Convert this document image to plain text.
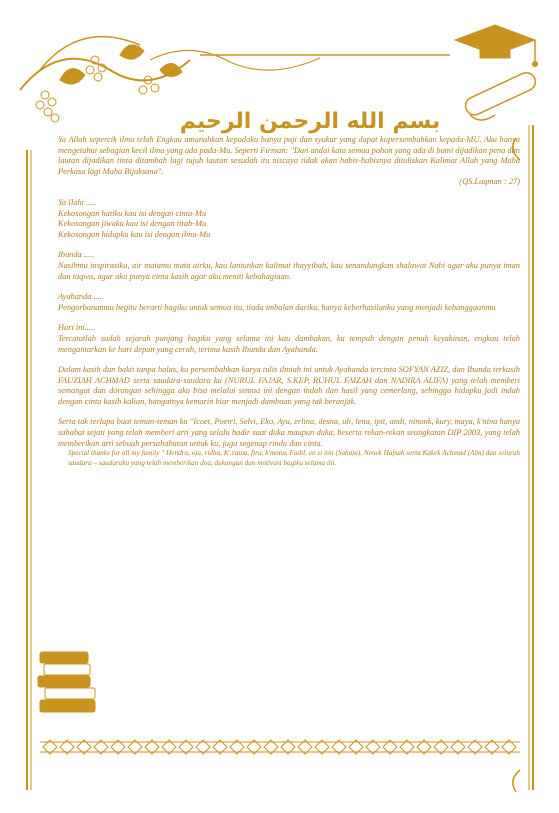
بسم الله الرحمن الرحيم

Ya Allah sepercik ilmu telah Engkau amanahkan kepadaku hanya puji dan syukur yang dapat kupersembahkan kepada-MU. Aku hanya mengetahui sebagian kecil ilmu yang ada pada-Mu. Seperti Firman: "Dan andai kata semua pohon yang ada di bumi dijadikan pena dan lautan dijadikan tinta ditambah lagi tujuh lautan sesudah itu niscaya tidak akan habis-habisnya dituliskan Kalimat Allah yang Maha Perkasa lagi Maha Bijaksana".

(QS.Luqman : 27)

Ya Ilahi .....

Kekosongan hatiku kau isi dengan cinta-Mu

Kekosongan jiwaku kau isi dengan titah-Mu

Kekosongan hidupku kau isi dengan ilmu-Mu

Ibunda .....

Nasibmu inspirasiku, air matamu mata airku, kau lantunkan kalimat thayyibah, kau senandungkan shalawat Nabi agar aku punya iman dan taqwa, agar aku punya cinta kasih agar aku meniti kebahagiaan.

Ayahanda .....

Pengorbananmu begitu berarti bagiku untuk semua itu, tiada imbalan dariku, hanya keberhasilanku yang menjadi kebanggaanmu

Hari ini.....

Tercatatlah sudah sejarah panjang bagiku yang selama ini kau dambakan, ku tempuh dengan penuh keyakinan, engkau telah mengantarkan ke hari depan yang cerah, terima kasih Ibunda dan Ayahanda.

Dalam kasih dan bakti tanpa balas, ku persembahkan karya tulis ilmiah ini untuk Ayahanda tercinta SOFYAN AZIZ, dan Ibunda terkasih FAUZIAH ACHMAD serta saudara-saudara ku (NURUL FAJAR, S.KEP, RUHUL FAIZAH dan NADIRA ALIFA) yang telah memberi semangat dan dorongan sehingga aku bisa melalui semua ini dengan indah dan hasil yang cemerlang, sehingga hidupku jadi indah dengan cinta kasih kalian, hangatnya kemarin biar menjadi dambaan yang tak beranjak.

Serta tak terlupa buat teman-teman ku "Icoet, Poetri, Selvi, Eko, Ayu, erlina, desna, uli, lena, ipit, andi, ninonk, kury, maya, k'nina hanya sahabat sejati yang telah memberi arti yang selalu hadir saat duka maupun duka, beserta rekan-rekan seangkatan DIP 2003, yang telah memberikan arti sebuah persahabatan untuk ku, juga segenap rindu dan cinta.

Special thanks for all my family " Hendra, oja, ridha, K'.ratna, firu, k'mona, Fadil, en si itin (Sahaja), Nenek Hafsah serta Kakek Achmad (Alm) dan seluruh saudara – saudaraku yang telah memberikan doa, dukungan dan motivasi bagiku selama ini.
